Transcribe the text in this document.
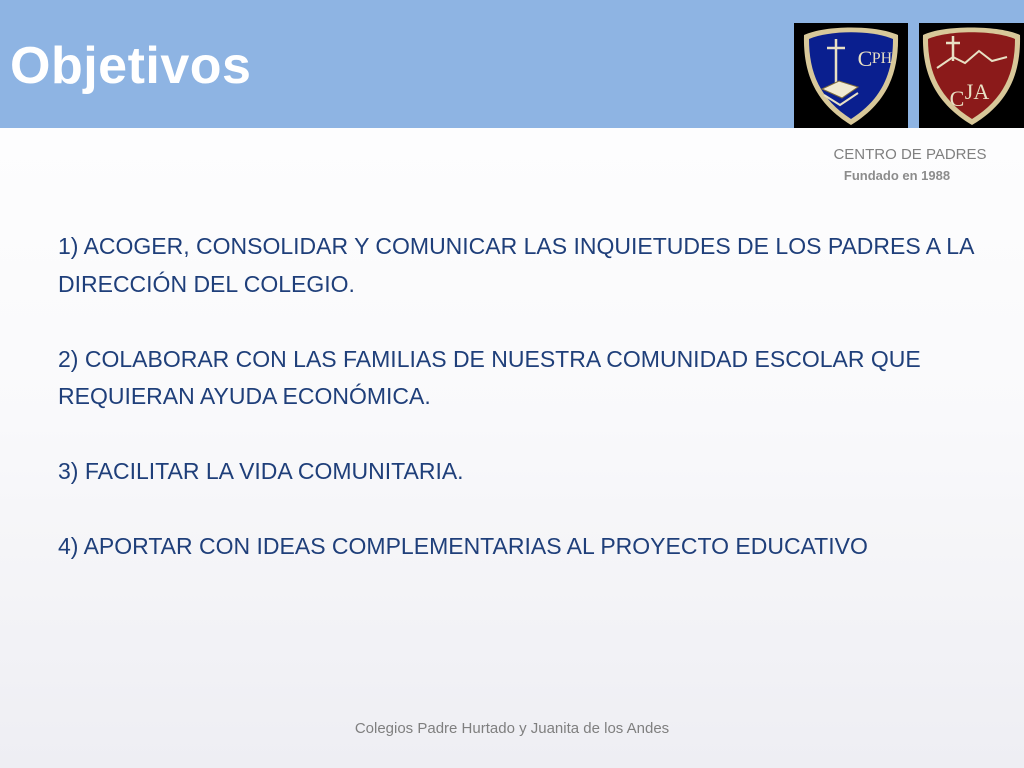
Objetivos	C PH
C JA
CENTRO DE PADRES
Fundado en 1988
1) ACOGER, CONSOLIDAR Y COMUNICAR LAS INQUIETUDES DE LOS PADRES A LA DIRECCIÓN DEL COLEGIO.
2) COLABORAR CON LAS FAMILIAS DE NUESTRA COMUNIDAD ESCOLAR QUE REQUIERAN AYUDA ECONÓMICA.
3) FACILITAR LA VIDA COMUNITARIA.
4) APORTAR CON IDEAS COMPLEMENTARIAS AL PROYECTO EDUCATIVO
Colegios Padre Hurtado y Juanita de los Andes
